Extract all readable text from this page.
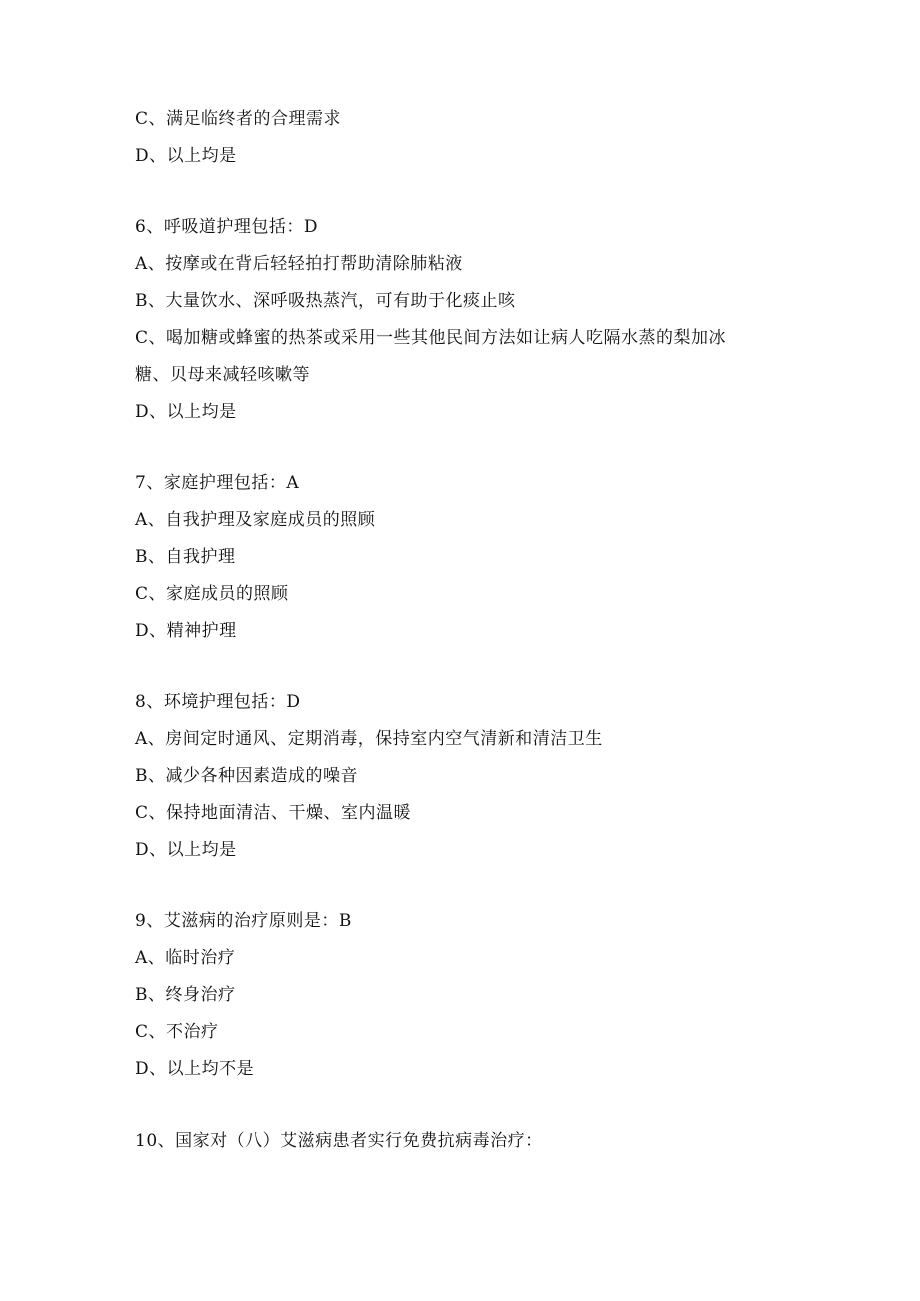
C、满足临终者的合理需求
D、以上均是
6、呼吸道护理包括：D
A、按摩或在背后轻轻拍打帮助清除肺粘液
B、大量饮水、深呼吸热蒸汽，可有助于化痰止咳
C、喝加糖或蜂蜜的热茶或采用一些其他民间方法如让病人吃隔水蒸的梨加冰
糖、贝母来减轻咳嗽等
D、以上均是
7、家庭护理包括：A
A、自我护理及家庭成员的照顾
B、自我护理
C、家庭成员的照顾
D、精神护理
8、环境护理包括：D
A、房间定时通风、定期消毒，保持室内空气清新和清洁卫生
B、减少各种因素造成的噪音
C、保持地面清洁、干燥、室内温暖
D、以上均是
9、艾滋病的治疗原则是：B
A、临时治疗
B、终身治疗
C、不治疗
D、以上均不是
10、国家对（八）艾滋病患者实行免费抗病毒治疗：
